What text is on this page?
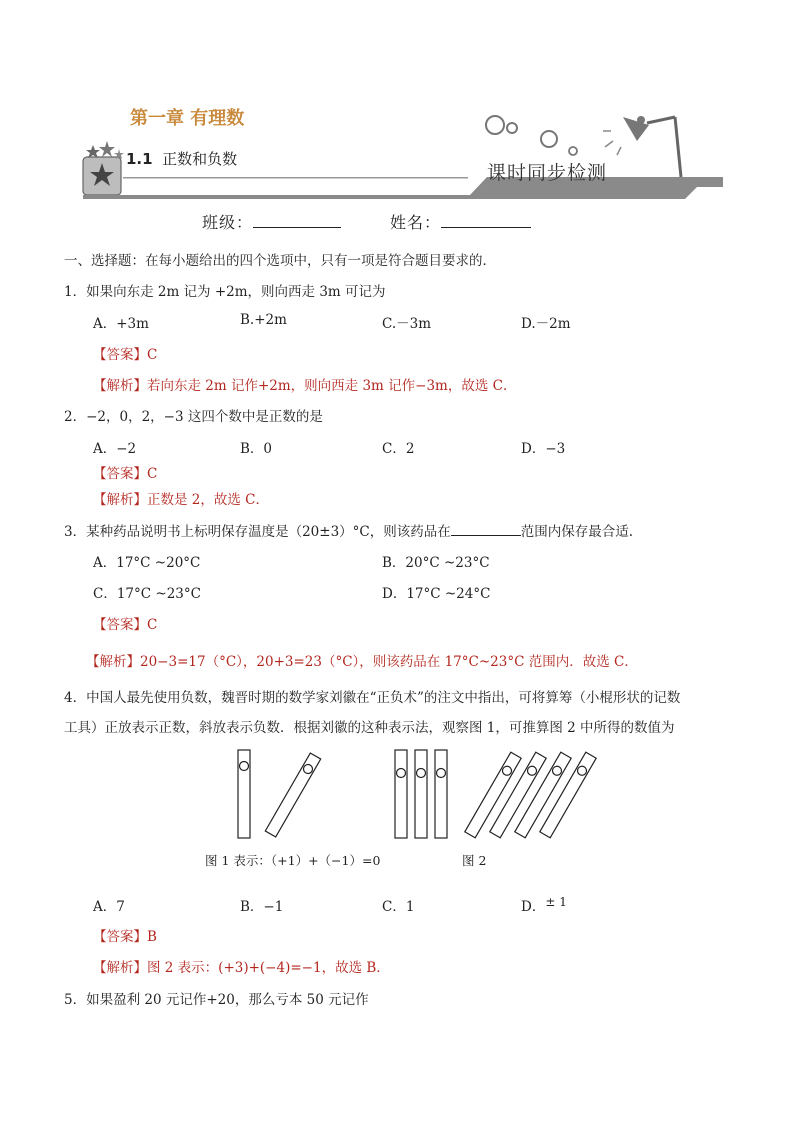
第一章 有理数
1.1 正数和负数
课时同步检测
班级：	姓名：
一、选择题：在每小题给出的四个选项中，只有一项是符合题目要求的．
1．如果向东走 2m 记为 +2m，则向西走 3m 可记为
A．+3m	B.+2m	C.－3m	D.－2m
【答案】C
【解析】若向东走 2m 记作+2m，则向西走 3m 记作−3m，故选 C．
2．−2，0，2，−3 这四个数中是正数的是
A．−2	B．0	C．2	D．−3
【答案】C
【解析】正数是 2，故选 C．
3．某种药品说明书上标明保存温度是（20±3）°C，则该药品在	范围内保存最合适.
A．17°C ~20°C	B．20°C ~23°C
C．17°C ~23°C	D．17°C ~24°C
【答案】C
【解析】20−3=17（°C），20+3=23（°C），则该药品在 17°C~23°C 范围内．故选 C．
4．中国人最先使用负数，魏晋时期的数学家刘徽在“正负术”的注文中指出，可将算筹（小棍形状的记数
工具）正放表示正数，斜放表示负数．根据刘徽的这种表示法，观察图 1，可推算图 2 中所得的数值为
图 1 表示：（+1）+（−1）=0	图 2
A．7	B．−1	C．1	D．± 1
【答案】B
【解析】图 2 表示：(+3)+(−4)=−1，故选 B．
5．如果盈利 20 元记作+20，那么亏本 50 元记作
